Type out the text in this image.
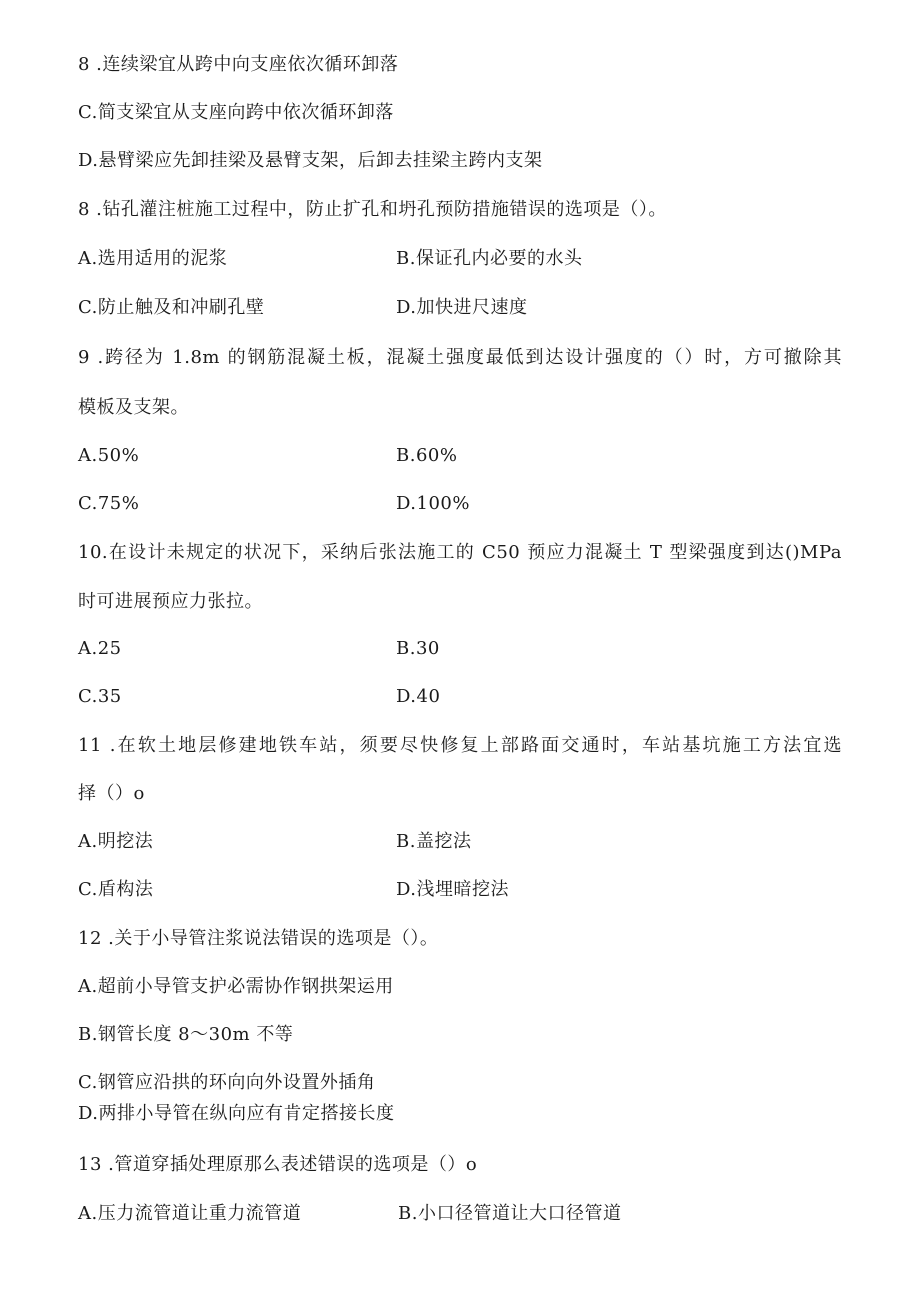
8 .连续梁宜从跨中向支座依次循环卸落
C.简支梁宜从支座向跨中依次循环卸落
D.悬臂梁应先卸挂梁及悬臂支架，后卸去挂梁主跨内支架
8 .钻孔灌注桩施工过程中，防止扩孔和坍孔预防措施错误的选项是（）。
A.选用适用的泥浆	B.保证孔内必要的水头
C.防止触及和冲刷孔壁	D.加快进尺速度
9 .跨径为 1.8m 的钢筋混凝土板，混凝土强度最低到达设计强度的（）时，方可撤除其
模板及支架。
A.50%	B.60%
C.75%	D.100%
10.在设计未规定的状况下，采纳后张法施工的 C50 预应力混凝土 T 型梁强度到达()MPa
时可进展预应力张拉。
A.25	B.30
C.35	D.40
11 .在软土地层修建地铁车站，须要尽快修复上部路面交通时，车站基坑施工方法宜选
择（）o
A.明挖法	B.盖挖法
C.盾构法	D.浅埋暗挖法
12 .关于小导管注浆说法错误的选项是（）。
A.超前小导管支护必需协作钢拱架运用
B.钢管长度 8～30m 不等
C.钢管应沿拱的环向向外设置外插角
D.两排小导管在纵向应有肯定搭接长度
13 .管道穿插处理原那么表述错误的选项是（）o
A.压力流管道让重力流管道	B.小口径管道让大口径管道
